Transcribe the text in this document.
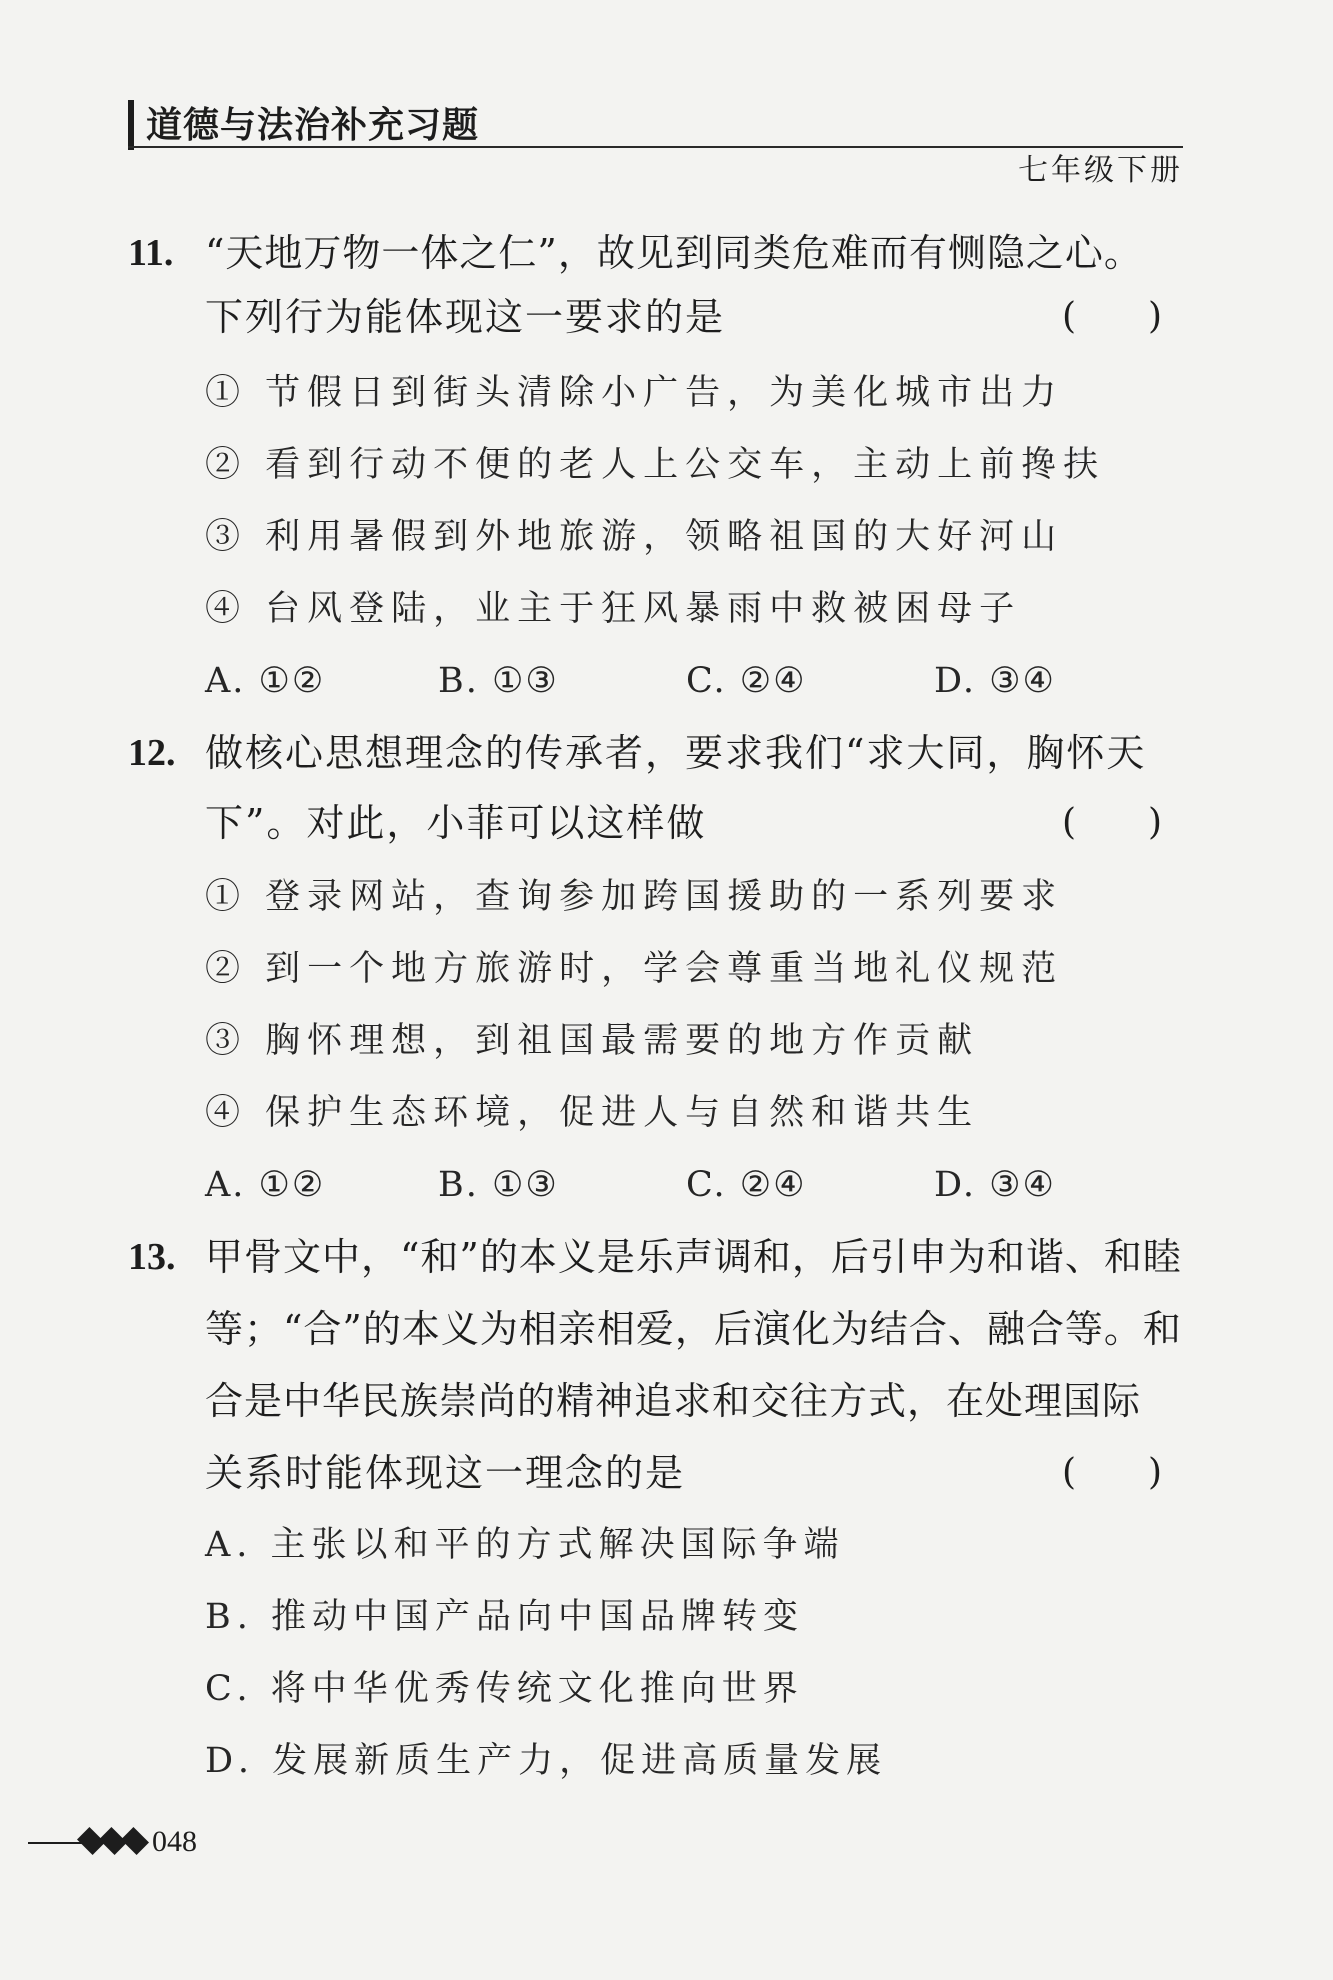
道德与法治补充习题
七年级下册
11. “天地万物一体之仁”，故见到同类危难而有恻隐之心。
下列行为能体现这一要求的是	(　　)
① 节假日到街头清除小广告，为美化城市出力
② 看到行动不便的老人上公交车，主动上前搀扶
③ 利用暑假到外地旅游，领略祖国的大好河山
④ 台风登陆，业主于狂风暴雨中救被困母子
A. ①②	B. ①③	C. ②④	D. ③④
12. 做核心思想理念的传承者，要求我们“求大同，胸怀天
下”。对此，小菲可以这样做	(　　)
① 登录网站，查询参加跨国援助的一系列要求
② 到一个地方旅游时，学会尊重当地礼仪规范
③ 胸怀理想，到祖国最需要的地方作贡献
④ 保护生态环境，促进人与自然和谐共生
A. ①②	B. ①③	C. ②④	D. ③④
13. 甲骨文中，“和”的本义是乐声调和，后引申为和谐、和睦
等；“合”的本义为相亲相爱，后演化为结合、融合等。和
合是中华民族崇尚的精神追求和交往方式，在处理国际
关系时能体现这一理念的是	(　　)
A. 主张以和平的方式解决国际争端
B. 推动中国产品向中国品牌转变
C. 将中华优秀传统文化推向世界
D. 发展新质生产力，促进高质量发展
048
